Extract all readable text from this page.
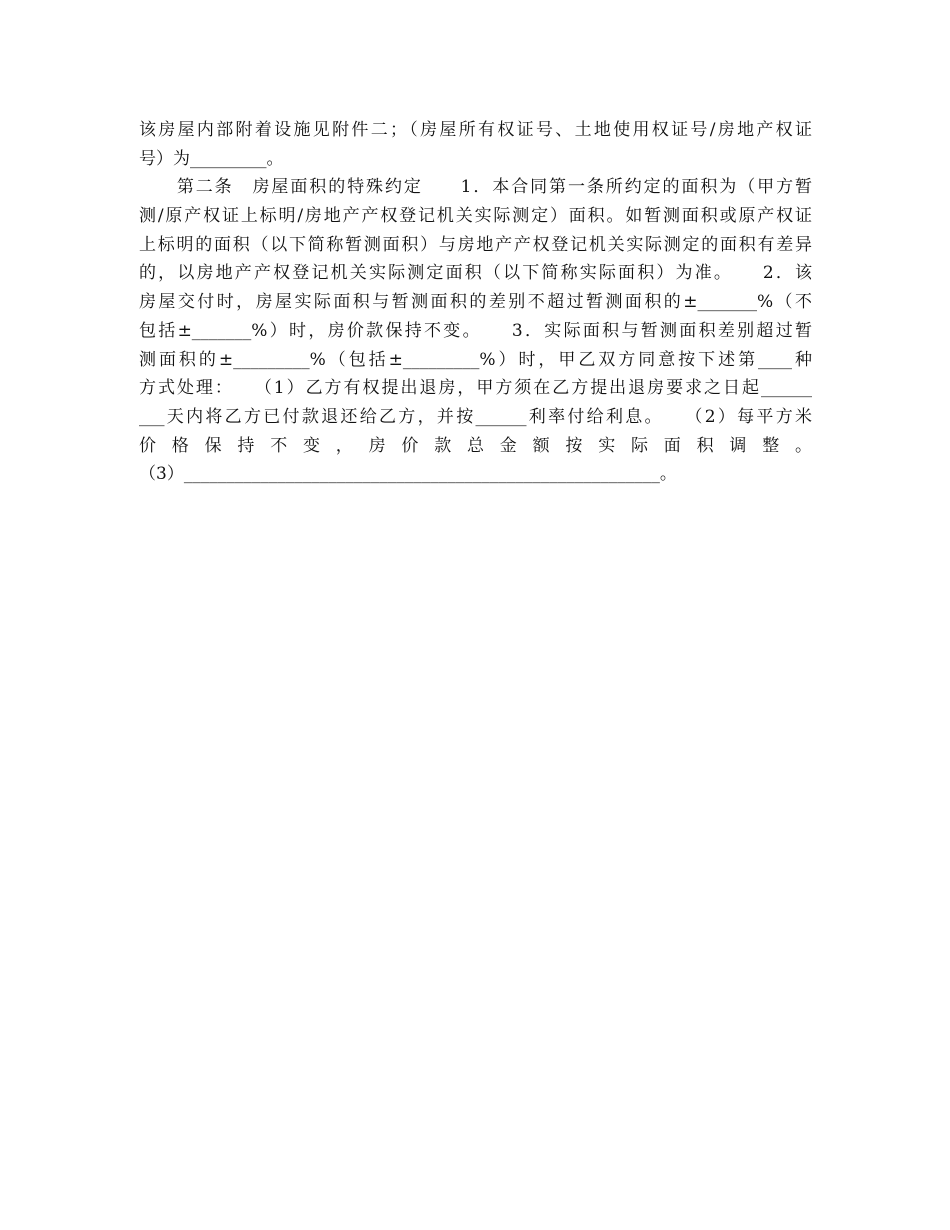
该房屋内部附着设施见附件二；（房屋所有权证号、土地使用权证号/房地产权证
号）为_________。
　　第二条　房屋面积的特殊约定　　1．本合同第一条所约定的面积为（甲方暂
测/原产权证上标明/房地产产权登记机关实际测定）面积。如暂测面积或原产权证
上标明的面积（以下简称暂测面积）与房地产产权登记机关实际测定的面积有差异
的，以房地产产权登记机关实际测定面积（以下简称实际面积）为准。　　2．该
房屋交付时，房屋实际面积与暂测面积的差别不超过暂测面积的±_______%（不
包括±_______%）时，房价款保持不变。　　3．实际面积与暂测面积差别超过暂
测面积的±_________%（包括±_________%）时，甲乙双方同意按下述第____种
方式处理：　　（1）乙方有权提出退房，甲方须在乙方提出退房要求之日起______
___天内将乙方已付款退还给乙方，并按______利率付给利息。　　（2）每平方米
价 格 保 持 不 变 ， 房 价 款 总 金 额 按 实 际 面 积 调 整 。
（3）________________________________________________________。
